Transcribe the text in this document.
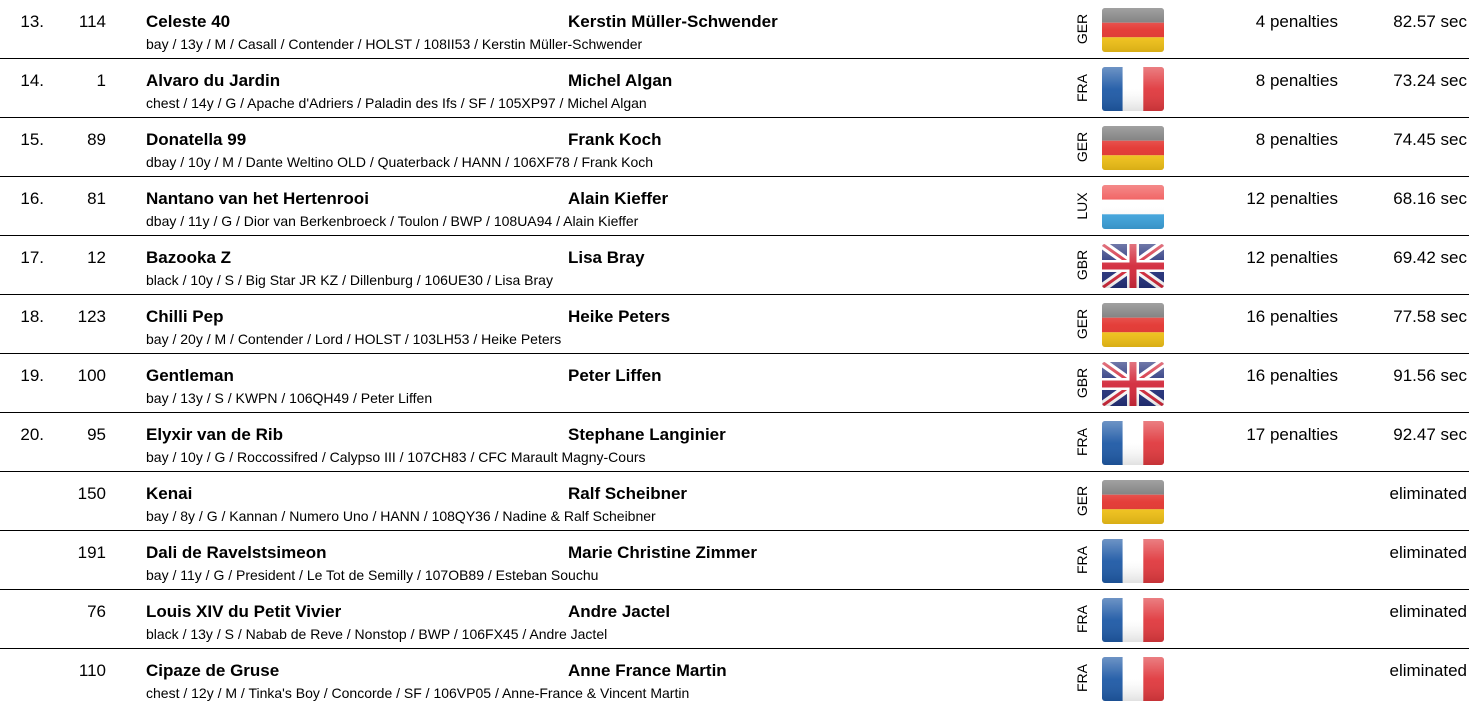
13.	114 Celeste 40	Kerstin Müller-Schwender
bay / 13y / M / Casall / Contender / HOLST / 108II53 / Kerstin Müller-Schwender	GER	4 penalties	82.57 sec
14.	1 Alvaro du Jardin	Michel Algan
chest / 14y / G / Apache d'Adriers / Paladin des Ifs / SF / 105XP97 / Michel Algan
FRA	8 penalties	73.24 sec
15.	89 Donatella 99	Frank Koch
dbay / 10y / M / Dante Weltino OLD / Quaterback / HANN / 106XF78 / Frank Koch	GER	8 penalties	74.45 sec
16.	81 Nantano van het Hertenrooi	Alain Kieffer
dbay / 11y / G / Dior van Berkenbroeck / Toulon / BWP / 108UA94 / Alain Kieffer
LUX	12 penalties	68.16 sec
17.	12 Bazooka Z	Lisa Bray
black / 10y / S / Big Star JR KZ / Dillenburg / 106UE30 / Lisa Bray	GBR	12 penalties	69.42 sec
18.	123 Chilli Pep	Heike Peters
bay / 20y / M / Contender / Lord / HOLST / 103LH53 / Heike Peters	GER	16 penalties	77.58 sec
19.	100 Gentleman	Peter Liffen
bay / 13y / S / KWPN / 106QH49 / Peter Liffen	GBR	16 penalties	91.56 sec
20.	95 Elyxir van de Rib	Stephane Langinier
bay / 10y / G / Roccossifred / Calypso III / 107CH83 / CFC Marault Magny-Cours
FRA	17 penalties	92.47 sec
150 Kenai	Ralf Scheibner
bay / 8y / G / Kannan / Numero Uno / HANN / 108QY36 / Nadine & Ralf Scheibner	GER	eliminated
191 Dali de Ravelstsimeon	Marie Christine Zimmer
bay / 11y / G / President / Le Tot de Semilly / 107OB89 / Esteban Souchu
FRA	eliminated
76 Louis XIV du Petit Vivier	Andre Jactel
black / 13y / S / Nabab de Reve / Nonstop / BWP / 106FX45 / Andre Jactel
FRA	eliminated
110 Cipaze de Gruse	Anne France Martin
chest / 12y / M / Tinka's Boy / Concorde / SF / 106VP05 / Anne-France & Vincent Martin
FRA	eliminated
